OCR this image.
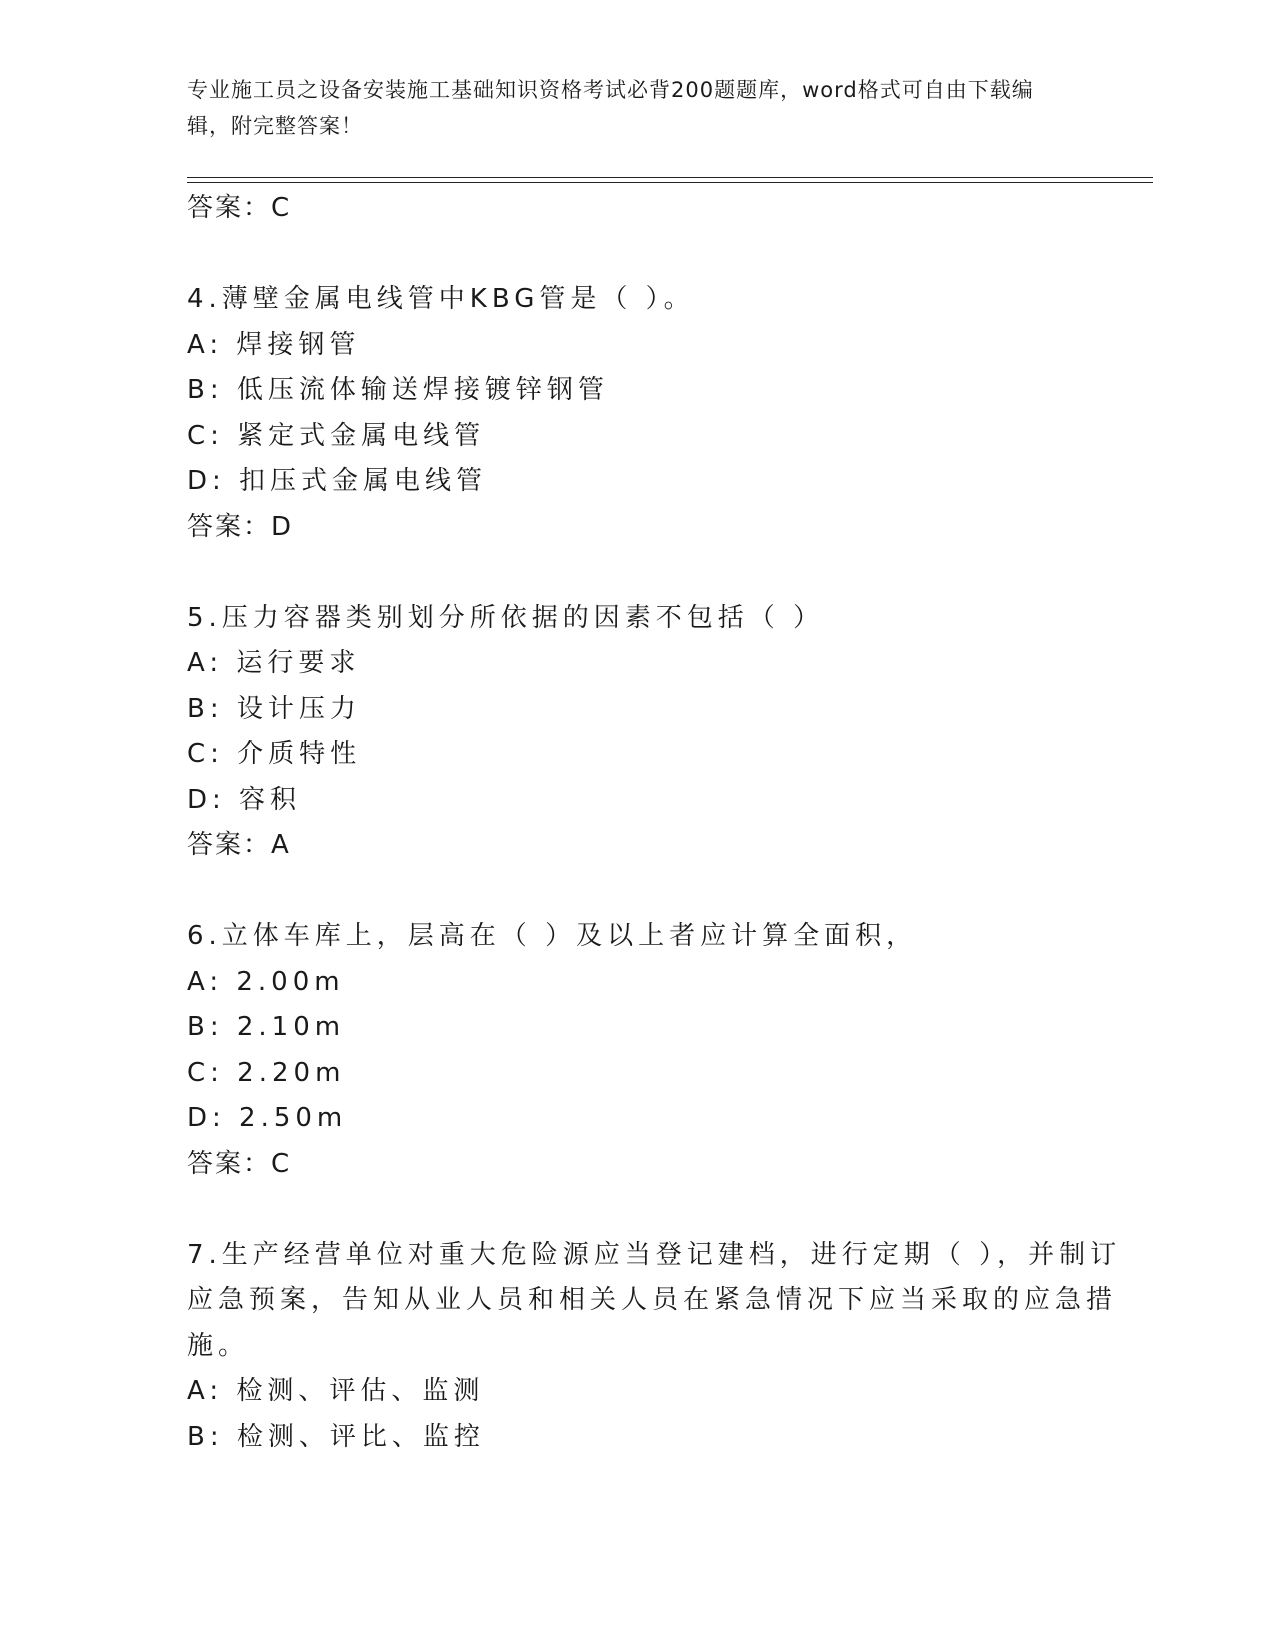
专业施工员之设备安装施工基础知识资格考试必背200题题库，word格式可自由下载编辑，附完整答案！
答案：C
4.薄壁金属电线管中KBG管是（ ）。
A: 焊接钢管
B: 低压流体输送焊接镀锌钢管
C: 紧定式金属电线管
D: 扣压式金属电线管
答案：D
5.压力容器类别划分所依据的因素不包括（ ）
A: 运行要求
B: 设计压力
C: 介质特性
D: 容积
答案：A
6.立体车库上，层高在（ ）及以上者应计算全面积，
A: 2.00m
B: 2.10m
C: 2.20m
D: 2.50m
答案：C
7.生产经营单位对重大危险源应当登记建档，进行定期（ ），并制订
应急预案，告知从业人员和相关人员在紧急情况下应当采取的应急措
施。
A: 检测、评估、监测
B: 检测、评比、监控
